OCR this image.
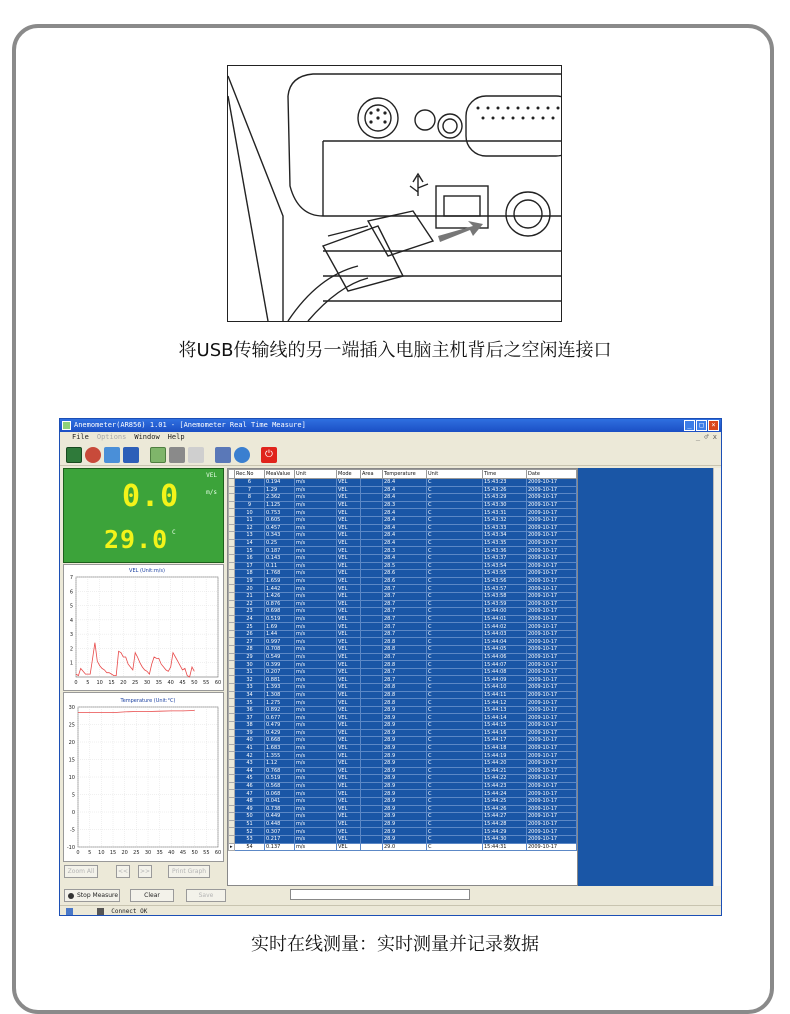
将USB传输线的另一端插入电脑主机背后之空闲连接口
Anemometer(AR856) 1.01 - [Anemometer Real Time Measure]	_	□	×
File Options Window Help	_ ♂ x
⏻
VEL
0.0	m/s
29.0 C
VEL (Unit:m/s)
0 5 10 15 20 25 30 35 40 45 50 55 60
1
2
3
4
5
6
7
Temperature (Unit:°C)
0 5 10 15 20 25 30 35 40 45 50 55 60
-10
-5
0
5
10
15
20
25
30
Zoom All	<<	>>	Print Graph
	Rec.No	MeaValue	Unit	Mode	Area	Temperature	Unit	Time	Date
	6	0.194	m/s	VEL		28.4	C	15:43:23	2009-10-17
	7	1.29	m/s	VEL		28.4	C	15:43:26	2009-10-17
	8	2.362	m/s	VEL		28.4	C	15:43:29	2009-10-17
	9	1.125	m/s	VEL		28.3	C	15:43:30	2009-10-17
	10	0.753	m/s	VEL		28.4	C	15:43:31	2009-10-17
	11	0.605	m/s	VEL		28.4	C	15:43:32	2009-10-17
	12	0.457	m/s	VEL		28.4	C	15:43:33	2009-10-17
	13	0.343	m/s	VEL		28.4	C	15:43:34	2009-10-17
	14	0.25	m/s	VEL		28.4	C	15:43:35	2009-10-17
	15	0.187	m/s	VEL		28.3	C	15:43:36	2009-10-17
	16	0.143	m/s	VEL		28.4	C	15:43:37	2009-10-17
	17	0.11	m/s	VEL		28.5	C	15:43:54	2009-10-17
	18	1.768	m/s	VEL		28.6	C	15:43:55	2009-10-17
	19	1.659	m/s	VEL		28.6	C	15:43:56	2009-10-17
	20	1.442	m/s	VEL		28.7	C	15:43:57	2009-10-17
	21	1.426	m/s	VEL		28.7	C	15:43:58	2009-10-17
	22	0.876	m/s	VEL		28.7	C	15:43:59	2009-10-17
	23	0.698	m/s	VEL		28.7	C	15:44:00	2009-10-17
	24	0.519	m/s	VEL		28.7	C	15:44:01	2009-10-17
	25	1.69	m/s	VEL		28.7	C	15:44:02	2009-10-17
	26	1.44	m/s	VEL		28.7	C	15:44:03	2009-10-17
	27	0.997	m/s	VEL		28.8	C	15:44:04	2009-10-17
	28	0.708	m/s	VEL		28.8	C	15:44:05	2009-10-17
	29	0.549	m/s	VEL		28.7	C	15:44:06	2009-10-17
	30	0.399	m/s	VEL		28.8	C	15:44:07	2009-10-17
	31	0.207	m/s	VEL		28.7	C	15:44:08	2009-10-17
	32	0.881	m/s	VEL		28.7	C	15:44:09	2009-10-17
	33	1.393	m/s	VEL		28.8	C	15:44:10	2009-10-17
	34	1.308	m/s	VEL		28.8	C	15:44:11	2009-10-17
	35	1.275	m/s	VEL		28.8	C	15:44:12	2009-10-17
	36	0.892	m/s	VEL		28.9	C	15:44:13	2009-10-17
	37	0.677	m/s	VEL		28.9	C	15:44:14	2009-10-17
	38	0.479	m/s	VEL		28.9	C	15:44:15	2009-10-17
	39	0.429	m/s	VEL		28.9	C	15:44:16	2009-10-17
	40	0.668	m/s	VEL		28.9	C	15:44:17	2009-10-17
	41	1.683	m/s	VEL		28.9	C	15:44:18	2009-10-17
	42	1.355	m/s	VEL		28.9	C	15:44:19	2009-10-17
	43	1.12	m/s	VEL		28.9	C	15:44:20	2009-10-17
	44	0.768	m/s	VEL		28.9	C	15:44:21	2009-10-17
	45	0.519	m/s	VEL		28.9	C	15:44:22	2009-10-17
	46	0.568	m/s	VEL		28.9	C	15:44:23	2009-10-17
	47	0.068	m/s	VEL		28.9	C	15:44:24	2009-10-17
	48	0.041	m/s	VEL		28.9	C	15:44:25	2009-10-17
	49	0.738	m/s	VEL		28.9	C	15:44:26	2009-10-17
	50	0.449	m/s	VEL		28.9	C	15:44:27	2009-10-17
	51	0.448	m/s	VEL		28.9	C	15:44:28	2009-10-17
	52	0.307	m/s	VEL		28.9	C	15:44:29	2009-10-17
	53	0.217	m/s	VEL		28.9	C	15:44:30	2009-10-17
▸	54	0.137	m/s	VEL		29.0	C	15:44:31	2009-10-17
Stop Measure	Clear	Save
Connect OK
实时在线测量：实时测量并记录数据
